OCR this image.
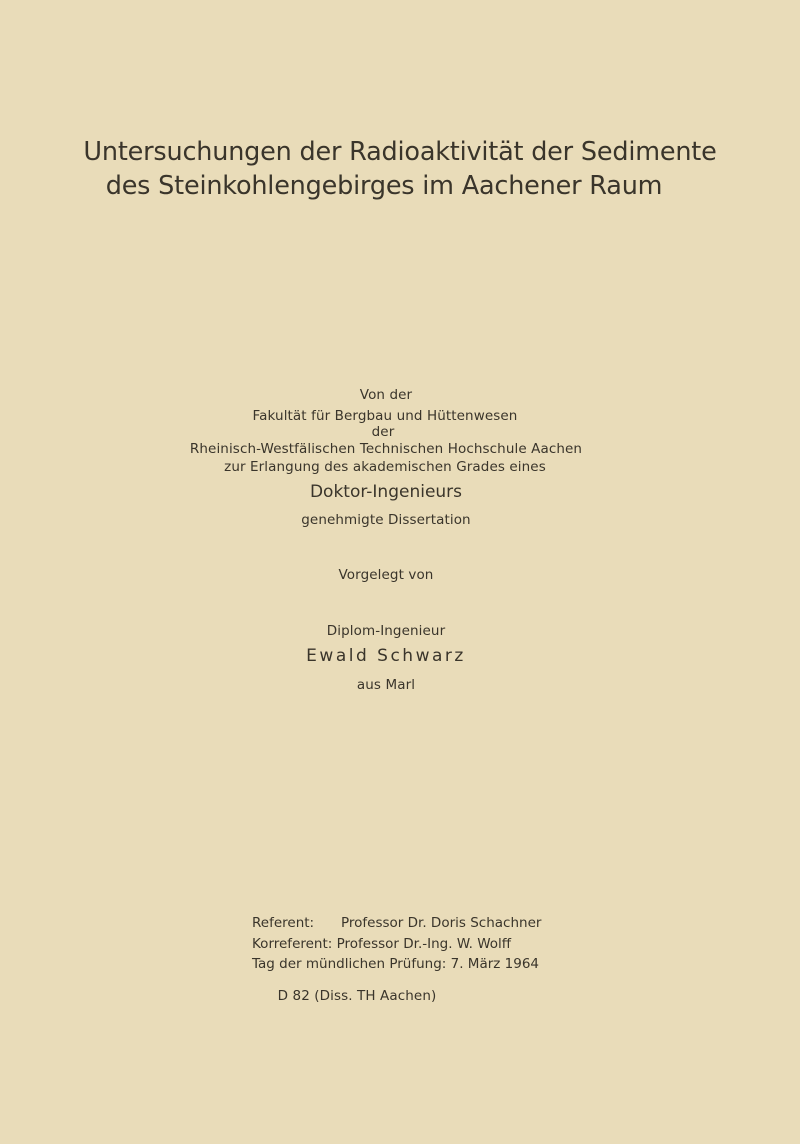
Untersuchungen der Radioaktivität der Sedimente
des Steinkohlengebirges im Aachener Raum
Von der
Fakultät für Bergbau und Hüttenwesen
der
Rheinisch-Westfälischen Technischen Hochschule Aachen
zur Erlangung des akademischen Grades eines
Doktor-Ingenieurs
genehmigte Dissertation
Vorgelegt von
Diplom-Ingenieur
Ewald Schwarz
aus Marl
Referent: Professor Dr. Doris Schachner
Korreferent: Professor Dr.-Ing. W. Wolff
Tag der mündlichen Prüfung: 7. März 1964
D 82 (Diss. TH Aachen)
